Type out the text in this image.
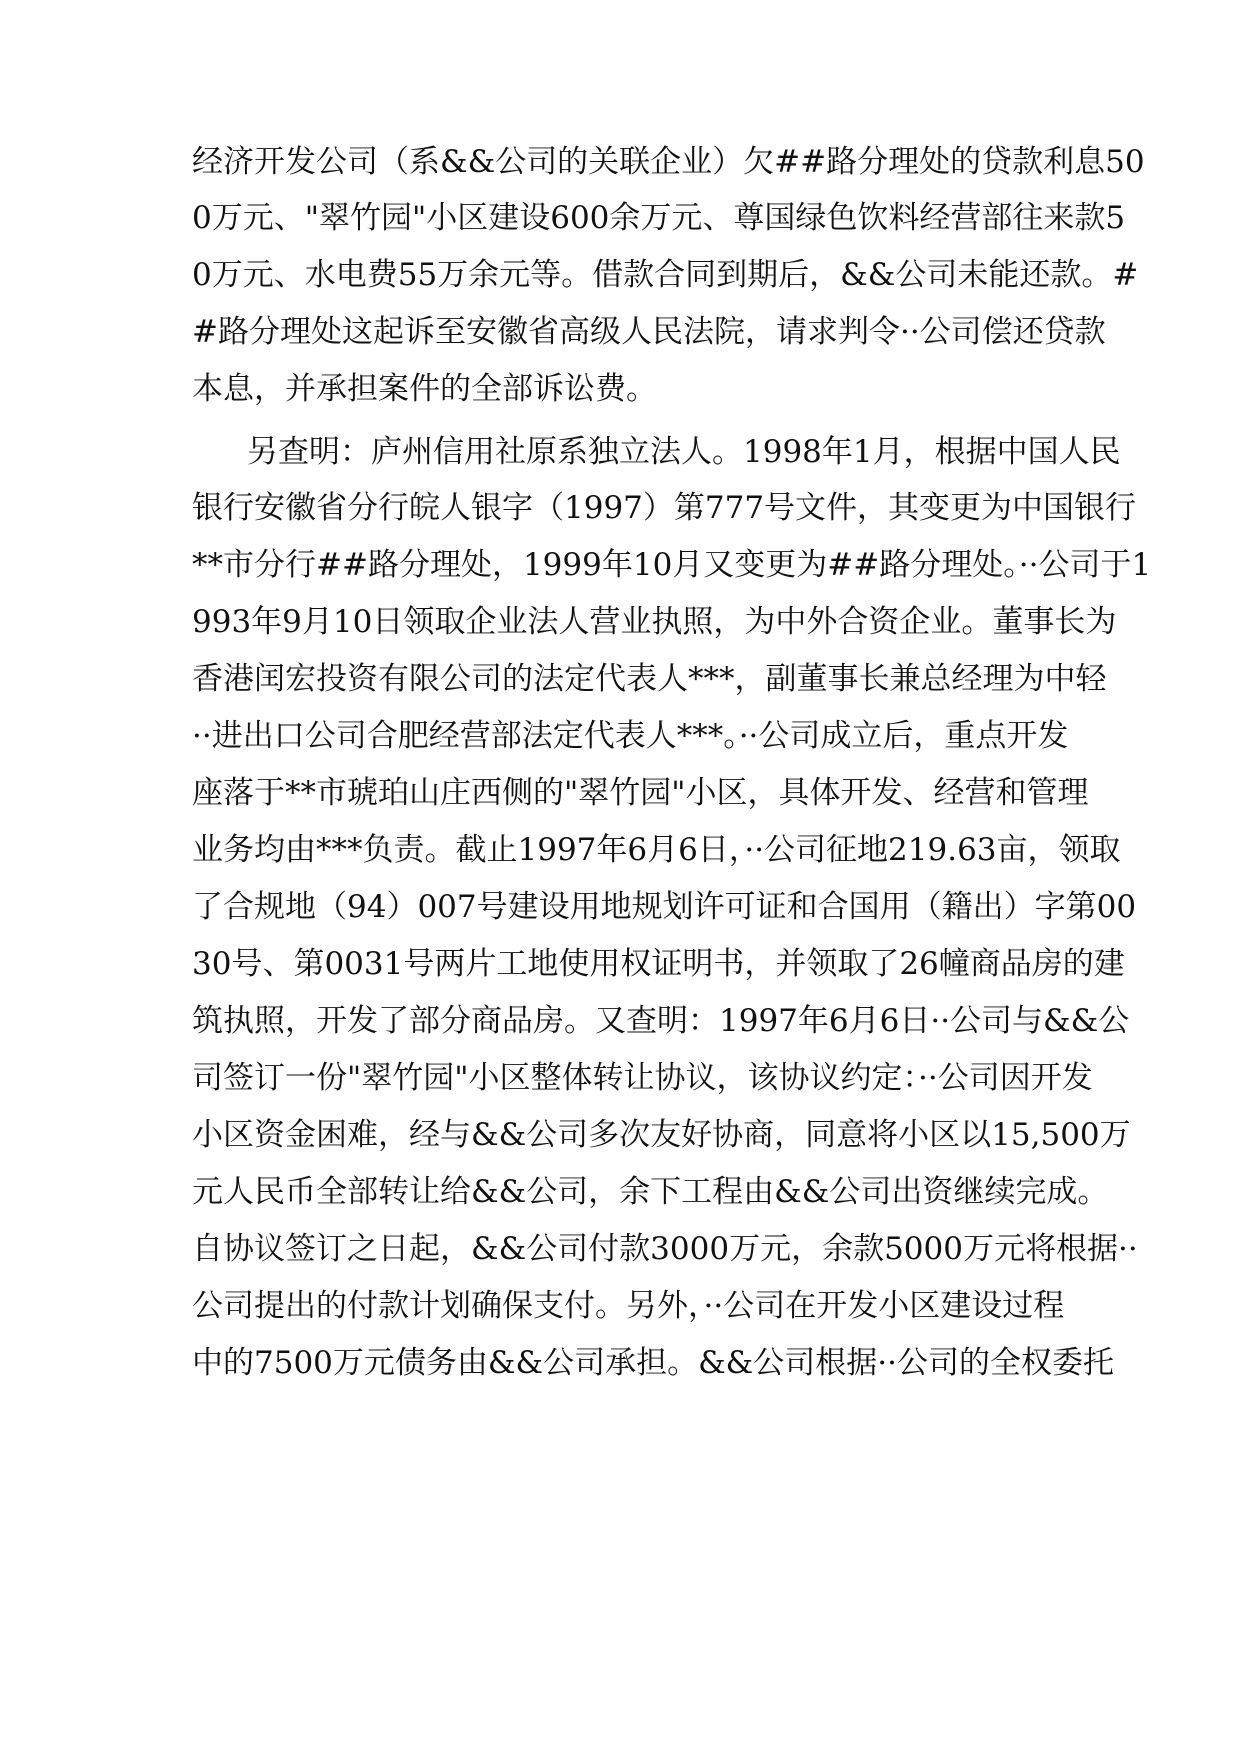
经济开发公司（系&&公司的关联企业）欠##路分理处的贷款利息50
0万元、"翠竹园"小区建设600余万元、尊国绿色饮料经营部往来款5
0万元、水电费55万余元等。借款合同到期后，&&公司未能还款。#
#路分理处这起诉至安徽省高级人民法院，请求判令··公司偿还贷款
本息，并承担案件的全部诉讼费。
另查明：庐州信用社原系独立法人。1998年1月，根据中国人民
银行安徽省分行皖人银字（1997）第777号文件，其变更为中国银行
**市分行##路分理处，1999年10月又变更为##路分理处。··公司于1
993年9月10日领取企业法人营业执照，为中外合资企业。董事长为
香港闰宏投资有限公司的法定代表人***，副董事长兼总经理为中轻
··进出口公司合肥经营部法定代表人***。··公司成立后，重点开发
座落于**市琥珀山庄西侧的"翠竹园"小区，具体开发、经营和管理
业务均由***负责。截止1997年6月6日，··公司征地219.63亩，领取
了合规地（94）007号建设用地规划许可证和合国用（籍出）字第00
30号、第0031号两片工地使用权证明书，并领取了26幢商品房的建
筑执照，开发了部分商品房。又查明：1997年6月6日··公司与&&公
司签订一份"翠竹园"小区整体转让协议，该协议约定：··公司因开发
小区资金困难，经与&&公司多次友好协商，同意将小区以15,500万
元人民币全部转让给&&公司，余下工程由&&公司出资继续完成。
自协议签订之日起，&&公司付款3000万元，余款5000万元将根据··
公司提出的付款计划确保支付。另外，··公司在开发小区建设过程
中的7500万元债务由&&公司承担。&&公司根据··公司的全权委托
